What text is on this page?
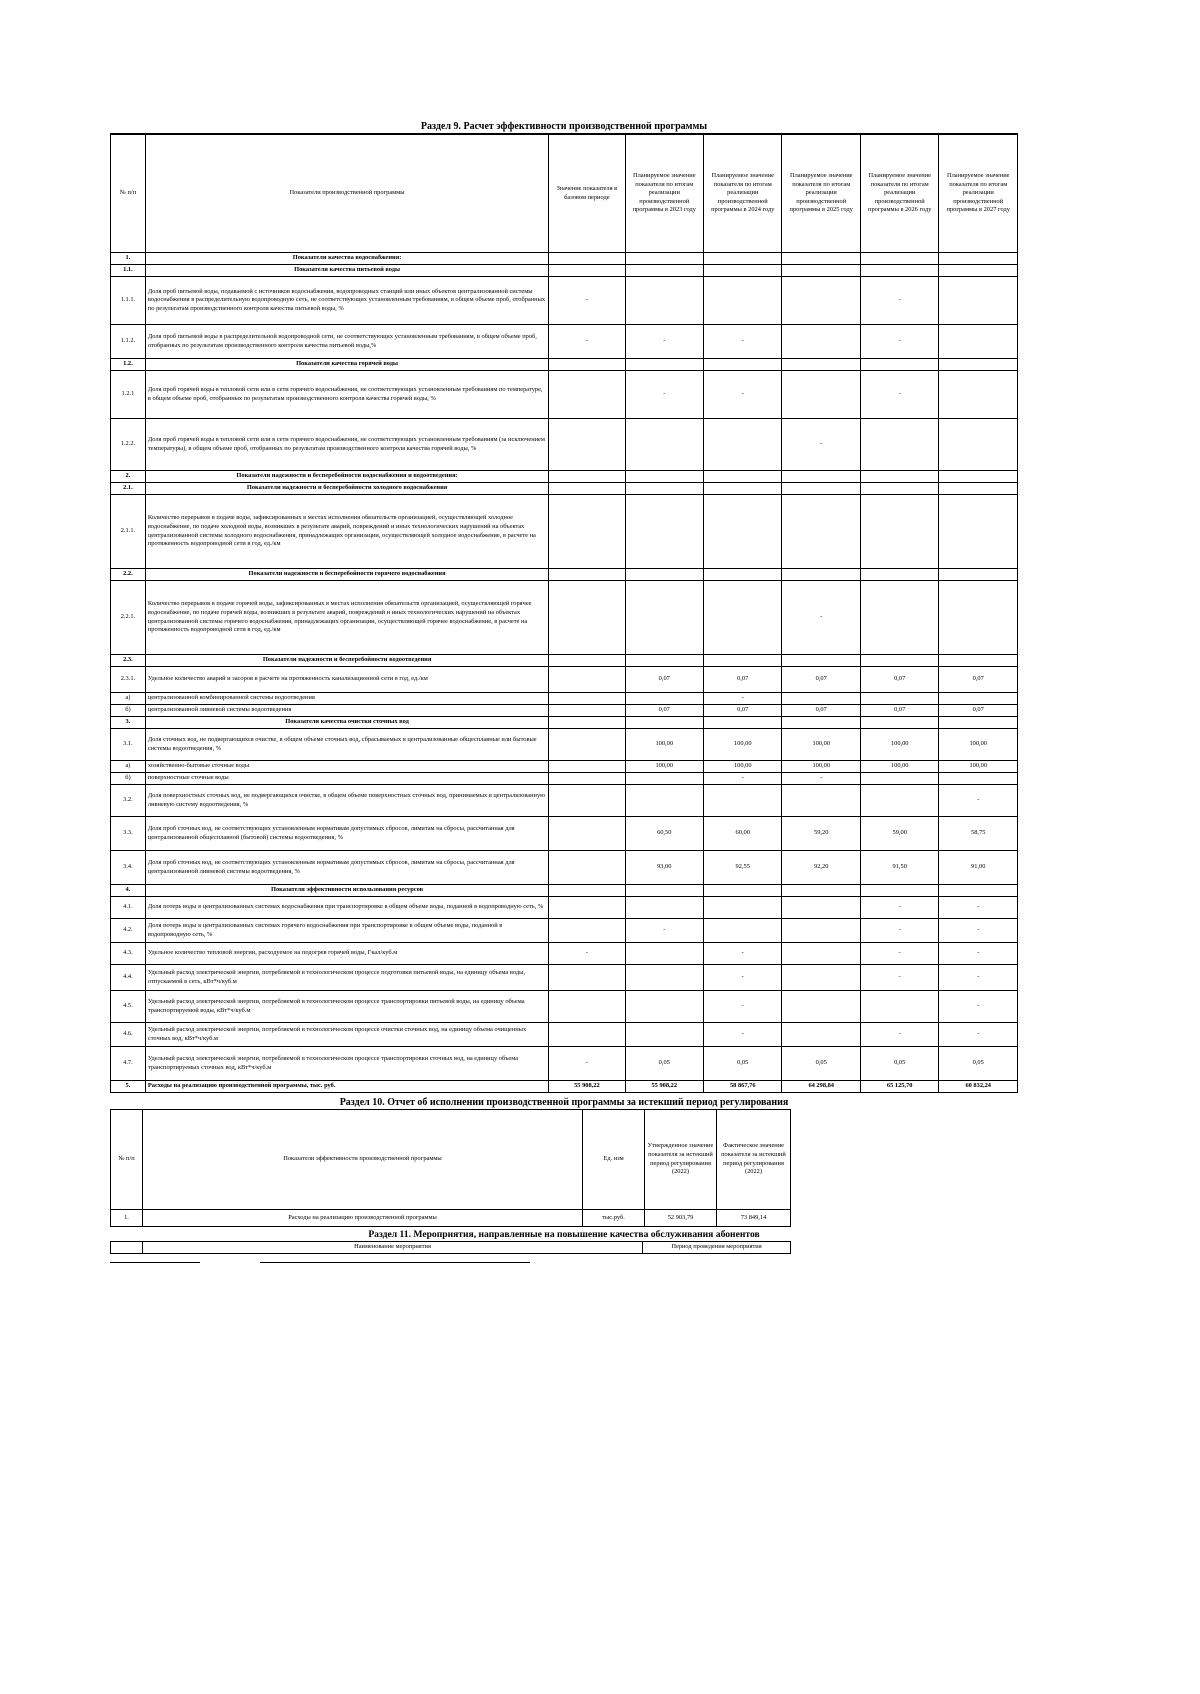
Раздел 9. Расчет эффективности производственной программы
№ п/п	Показатели производственной программы	Значение показателя в базовом периоде	Планируемое значение показателя по итогам реализации производственной программы в 2023 году	Планируемое значение показателя по итогам реализации производственной программы в 2024 году	Планируемое значение показателя по итогам реализации производственной программы в 2025 году	Планируемое значение показателя по итогам реализации производственной программы в 2026 году	Планируемое значение показателя по итогам реализации производственной программы в 2027 году
1.	Показатели качества водоснабжения:						
1.1.	Показатели качества питьевой воды						
1.1.1.	Доля проб питьевой воды, подаваемой с источников водоснабжения, водопроводных станций или иных объектов централизованной системы водоснабжения в распределительную водопроводную сеть, не соответствующих установленным требованиям, в общем объеме проб, отобранных по результатам производственного контроля качества питьевой воды, %	-				-	
1.1.2.	Доля проб питьевой воды в распределительной водопроводной сети, не соответствующих установленным требованиям, в общем объеме проб, отобранных по результатам производственного контроля качества питьевой воды,%	-	-	-		-	
1.2.	Показатели качества горячей воды						
1.2.1	Доля проб горячей воды в тепловой сети или в сети горячего водоснабжения, не соответствующих установленным требованиям по температуре, в общем объеме проб, отобранных по результатам производственного контроля качества горячей воды, %		-	-		-	
1.2.2.	Доля проб горячей воды в тепловой сети или в сети горячего водоснабжения, не соответствующих установленным требованиям (за исключением температуры), в общем объеме проб, отобранных по результатам производственного контроля качества горячей воды, %				-		
2.	Показатели надежности и бесперебойности водоснабжения и водоотведения:						
2.1.	Показатели надежности и бесперебойности холодного водоснабжения						
2.1.1.	Количество перерывов в подаче воды, зафиксированных в местах исполнения обязательств организацией, осуществляющей холодное водоснабжение, по подаче холодной воды, возникших в результате аварий, повреждений и иных технологических нарушений на объектах централизованной системы холодного водоснабжения, принадлежащих организации, осуществляющей холодное водоснабжение, в расчете на протяженность водопроводной сети в год, ед./км						
2.2.	Показатели надежности и бесперебойности горячего водоснабжения						
2.2.1.	Количество перерывов в подаче горячей воды, зафиксированных в местах исполнения обязательств организацией, осуществляющей горячее водоснабжение, по подаче горячей воды, возникших в результате аварий, повреждений и иных технологических нарушений на объектах централизованной системы горячего водоснабжения, принадлежащих организации, осуществляющей горячее водоснабжение, в расчете на протяженность водопроводной сети в год, ед./км				-		
2.3.	Показатели надежности и бесперебойности водоотведения						
2.3.1.	Удельное количество аварий и засоров в расчете на протяженность канализационной сети в год, ед./км		0,07	0,07	0,07	0,07	0,07
а)	централизованной комбинированной системы водоотведения			-			
б)	централизованной ливневой системы водоотведения		0,07	0,07	0,07	0,07	0,07
3.	Показатели качества очистки сточных вод						
3.1.	Доля сточных вод, не подвергающихся очистке, в общем объеме сточных вод, сбрасываемых в централизованные общесплавные или бытовые системы водоотведения, %		100,00	100,00	100,00	100,00	100,00
а)	хозяйственно-бытовые сточные воды		100,00	100,00	100,00	100,00	100,00
б)	поверхностные сточные воды			-	-		
3.2.	Доля поверхностных сточных вод, не подвергающихся очистке, в общем объеме поверхностных сточных вод, принимаемых в централизованную ливневую систему водоотведения, %						-
3.3.	Доля проб сточных вод, не соответствующих установленным нормативам допустимых сбросов, лимитам на сбросы, рассчитанная для централизованной общесплавной (бытовой) системы водоотведения, %		60,50	60,00	59,20	59,00	58,75
3.4.	Доля проб сточных вод, не соответствующих установленным нормативам допустимых сбросов, лимитам на сбросы, рассчитанная для централизованной ливневой системы водоотведения, %		93,00	92,55	92,20	91,50	91,00
4.	Показатели эффективности использования ресурсов						
4.1.	Доля потерь воды в централизованных системах водоснабжения при транспортировке в общем объеме воды, поданной в водопроводную сеть, %					-	-
4.2.	Доля потерь воды в централизованных системах горячего водоснабжения при транспортировке в общем объеме воды, поданной в водопроводную сеть, %		-			-	-
4.3.	Удельное количество тепловой энергии, расходуемое на подогрев горячей воды, Гкал/куб.м	-		-		-	-
4.4.	Удельный расход электрической энергии, потребляемой в технологическом процессе подготовки питьевой воды, на единицу объема воды, отпускаемой в сеть, кВт*ч/куб.м			-		-	-
4.5.	Удельный расход электрической энергии, потребляемой в технологическом процессе транспортировки питьевой воды, на единицу объема транспортируемой воды, кВт*ч/куб.м			-			-
4.6.	Удельный расход электрической энергии, потребляемой в технологическом процессе очистки сточных вод, на единицу объема очищенных сточных вод, кВт*ч/куб.м			-		-	-
4.7.	Удельный расход электрической энергии, потребляемой в технологическом процессе транспортировки сточных вод, на единицу объема транспортируемых сточных вод, кВт*ч/куб.м	-	0,05	0,05	0,05	0,05	0,05
5.	Расходы на реализацию производственной программы, тыс. руб.	55 908,22	55 908,22	58 867,76	64 298,84	65 125,70	60 832,24
Раздел 10. Отчет об исполнении производственной программы за истекший период регулирования
№ п/п	Показатели эффективности производственной программы	Ед. изм	Утвержденное значение показателя за истекший период регулирования (2022)	Фактическое значение показателя за истекший период регулирования (2022)
1.	Расходы на реализацию производственной программы	тыс.руб.	52 903,79	73 849,14
Раздел 11. Мероприятия, направленные на повышение качества обслуживания абонентов
	Наименование мероприятия	Период проведения мероприятия
